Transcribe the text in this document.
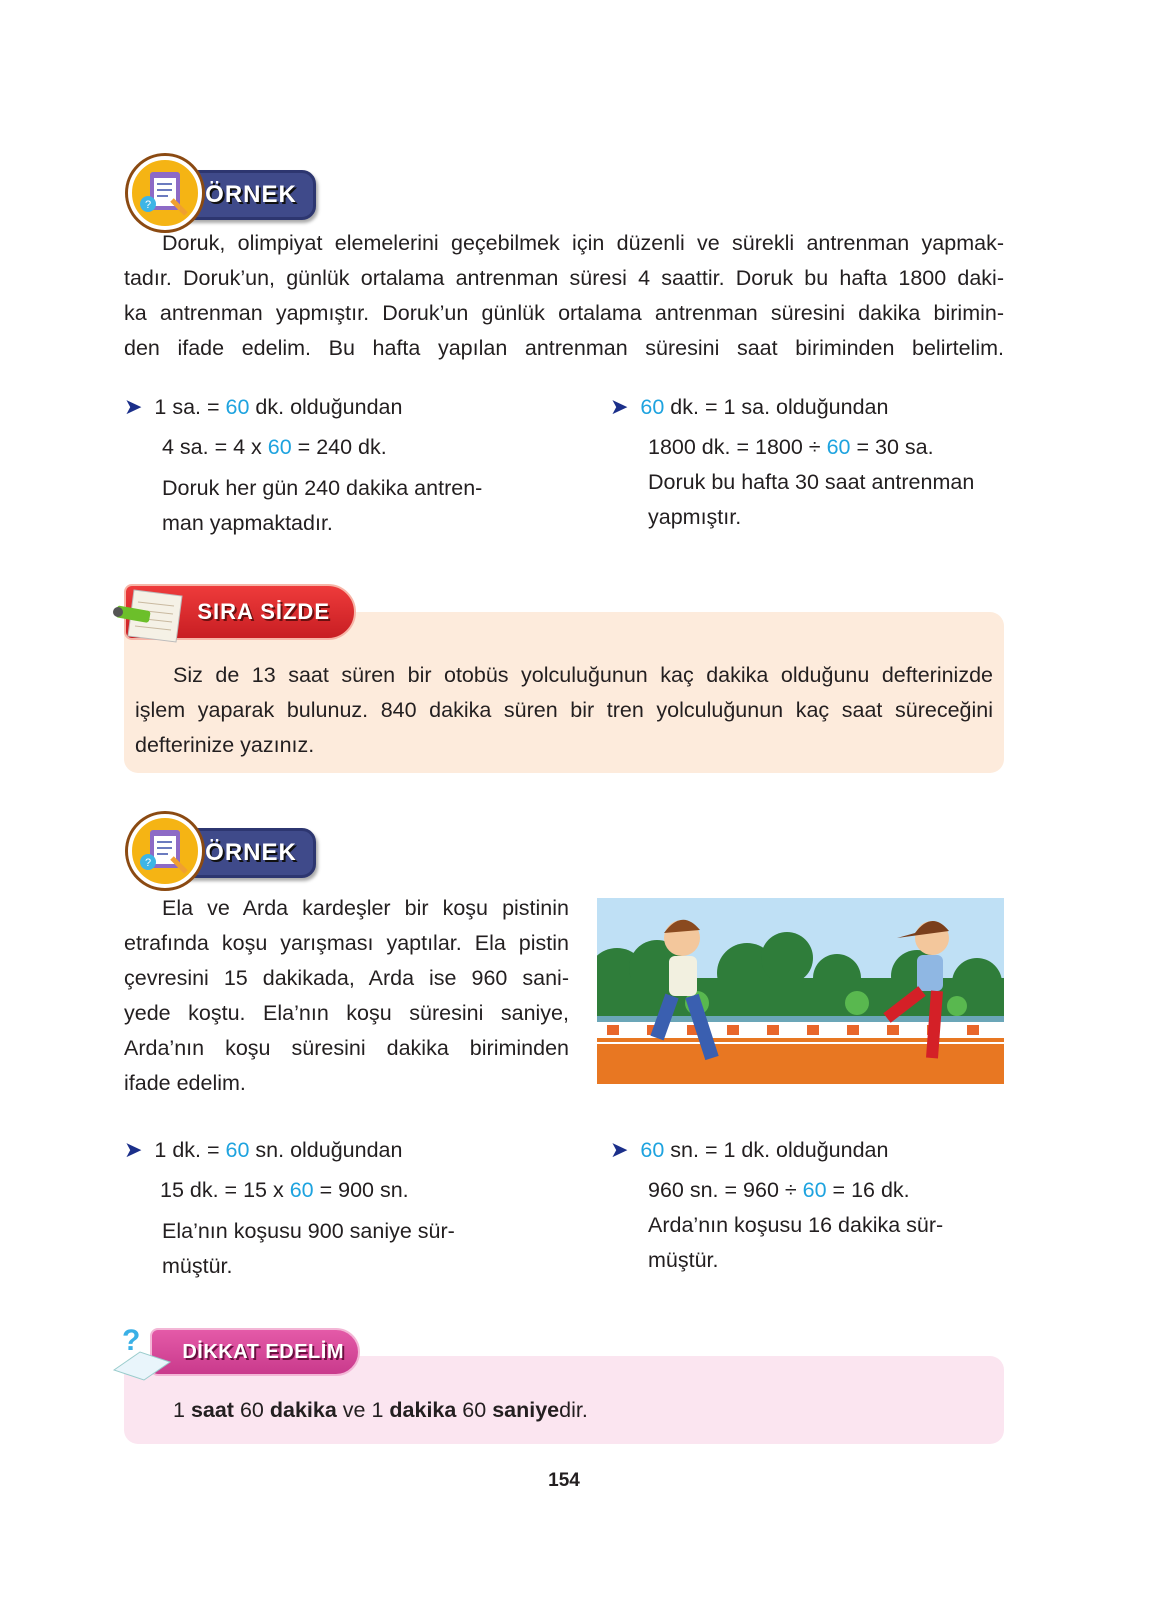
ÖRNEK
?
Doruk, olimpiyat elemelerini geçebilmek için düzenli ve sürekli antrenman yapmak-
tadır. Doruk’un, günlük ortalama antrenman süresi 4 saattir. Doruk bu hafta 1800 daki-
ka antrenman yapmıştır. Doruk’un günlük ortalama antrenman süresini dakika birimin-
den ifade edelim. Bu hafta yapılan antrenman süresini saat biriminden belirtelim.
➤ 1 sa. = 60 dk. olduğundan
4 sa. = 4 x 60 = 240 dk.
Doruk her gün 240 dakika antren-
man yapmaktadır.
➤ 60 dk. = 1 sa. olduğundan
1800 dk. = 1800 ÷ 60 = 30 sa.
Doruk bu hafta 30 saat antrenman
yapmıştır.
SIRA SİZDE
Siz de 13 saat süren bir otobüs yolculuğunun kaç dakika olduğunu defterinizde
işlem yaparak bulunuz. 840 dakika süren bir tren yolculuğunun kaç saat süreceğini
defterinize yazınız.
ÖRNEK
?
Ela ve Arda kardeşler bir koşu pistinin
etrafında koşu yarışması yaptılar. Ela pistin
çevresini 15 dakikada, Arda ise 960 sani-
yede koştu. Ela’nın koşu süresini saniye,
Arda’nın koşu süresini dakika biriminden
ifade edelim.
➤ 1 dk. = 60 sn. olduğundan
15 dk. = 15 x 60 = 900 sn.
Ela’nın koşusu 900 saniye sür-
müştür.
➤ 60 sn. = 1 dk. olduğundan
960 sn. = 960 ÷ 60 = 16 dk.
Arda’nın koşusu 16 dakika sür-
müştür.
DİKKAT EDELİM
?
1 saat 60 dakika ve 1 dakika 60 saniyedir.
154
